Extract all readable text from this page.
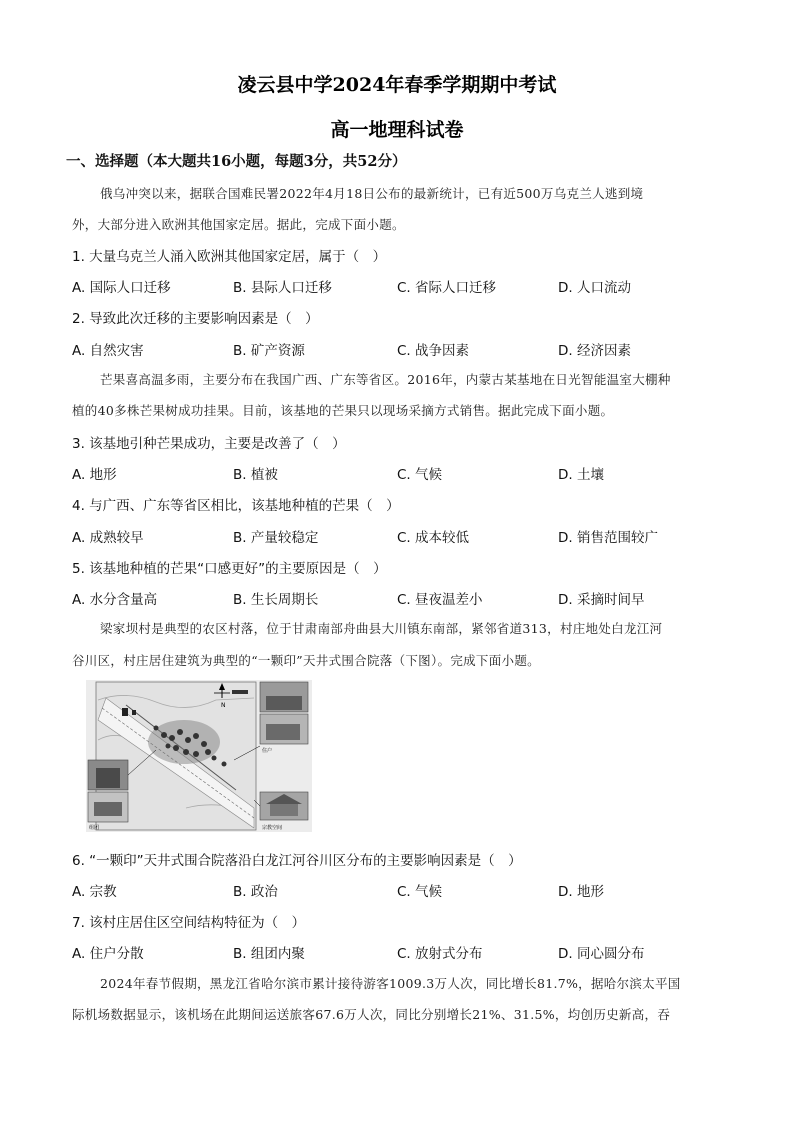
凌云县中学2024年春季学期期中考试
高一地理科试卷
一、选择题（本大题共16小题，每题3分，共52分）
俄乌冲突以来，据联合国难民署2022年4月18日公布的最新统计，已有近500万乌克兰人逃到境
外，大部分进入欧洲其他国家定居。据此，完成下面小题。
1. 大量乌克兰人涌入欧洲其他国家定居，属于（　）
A. 国际人口迁移	B. 县际人口迁移	C. 省际人口迁移	D. 人口流动
2. 导致此次迁移的主要影响因素是（　）
A. 自然灾害	B. 矿产资源	C. 战争因素	D. 经济因素
芒果喜高温多雨，主要分布在我国广西、广东等省区。2016年，内蒙古某基地在日光智能温室大棚种
植的40多株芒果树成功挂果。目前，该基地的芒果只以现场采摘方式销售。据此完成下面小题。
3. 该基地引种芒果成功，主要是改善了（　）
A. 地形	B. 植被	C. 气候	D. 土壤
4. 与广西、广东等省区相比，该基地种植的芒果（　）
A. 成熟较早	B. 产量较稳定	C. 成本较低	D. 销售范围较广
5. 该基地种植的芒果“口感更好”的主要原因是（　）
A. 水分含量高	B. 生长周期长	C. 昼夜温差小	D. 采摘时间早
梁家坝村是典型的农区村落，位于甘肃南部舟曲县大川镇东南部，紧邻省道313，村庄地处白龙江河
谷川区，村庄居住建筑为典型的“一颗印”天井式围合院落（下图）。完成下面小题。
N
住户
宗教空间
组团
6. “一颗印”天井式围合院落沿白龙江河谷川区分布的主要影响因素是（　）
A. 宗教	B. 政治	C. 气候	D. 地形
7. 该村庄居住区空间结构特征为（　）
A. 住户分散	B. 组团内聚	C. 放射式分布	D. 同心圆分布
2024年春节假期，黑龙江省哈尔滨市累计接待游客1009.3万人次，同比增长81.7%，据哈尔滨太平国
际机场数据显示，该机场在此期间运送旅客67.6万人次，同比分别增长21%、31.5%，均创历史新高，吞
